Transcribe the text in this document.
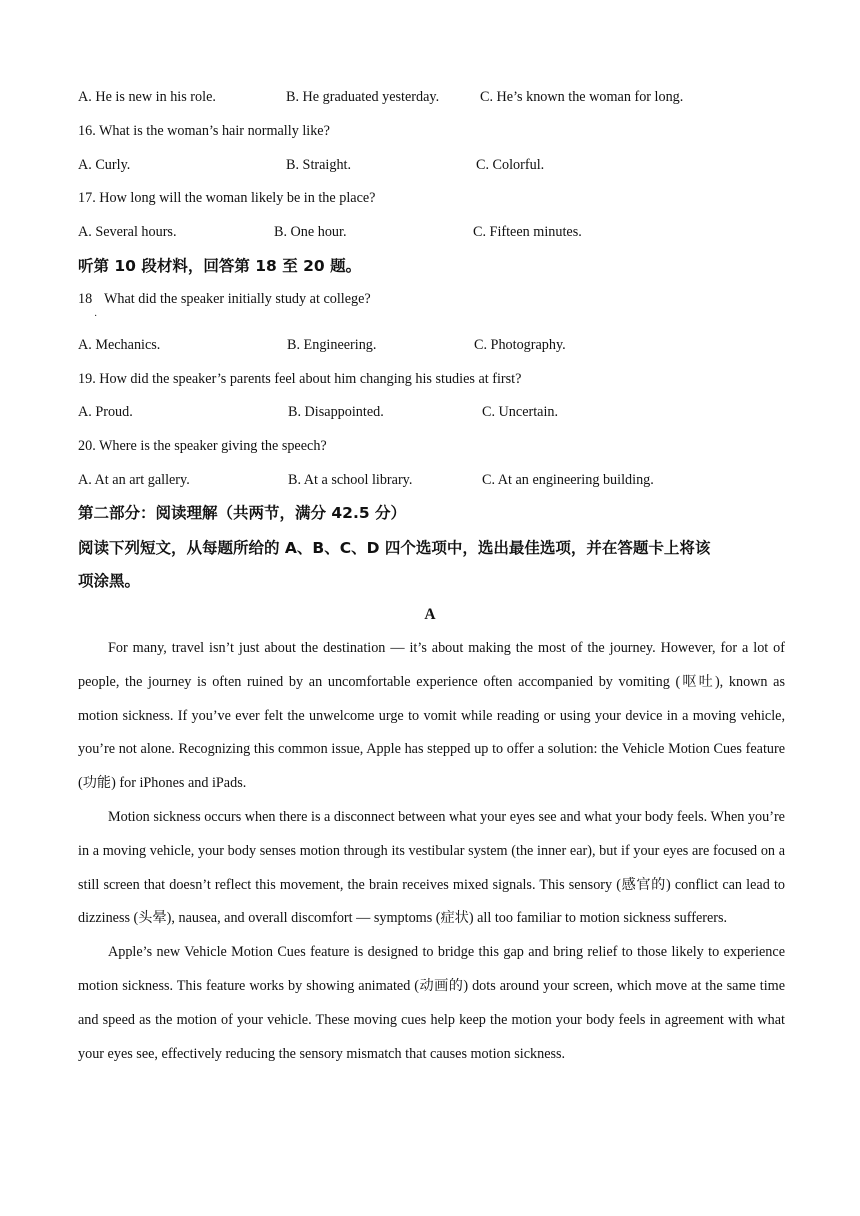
A. He is new in his role.	B. He graduated yesterday.	C. He’s known the woman for long.
16. What is the woman’s hair normally like?
A. Curly.	B. Straight.	C. Colorful.
17. How long will the woman likely be in the place?
A. Several hours.	B. One hour.	C. Fifteen minutes.
听第 10 段材料，回答第 18 至 20 题。
18
·
What did the speaker initially study at college?
A. Mechanics.	B. Engineering.	C. Photography.
19. How did the speaker’s parents feel about him changing his studies at first?
A. Proud.	B. Disappointed.	C. Uncertain.
20. Where is the speaker giving the speech?
A. At an art gallery.	B. At a school library.	C. At an engineering building.
第二部分：阅读理解（共两节，满分 42.5 分）
阅读下列短文，从每题所给的 A、B、C、D 四个选项中，选出最佳选项，并在答题卡上将该
项涂黑。
A

For many, travel isn’t just about the destination — it’s about making the most of the journey. However, for a lot of people, the journey is often ruined by an uncomfortable experience often accompanied by vomiting (呕吐), known as motion sickness. If you’ve ever felt the unwelcome urge to vomit while reading or using your device in a moving vehicle, you’re not alone. Recognizing this common issue, Apple has stepped up to offer a solution: the Vehicle Motion Cues feature (功能) for iPhones and iPads.

Motion sickness occurs when there is a disconnect between what your eyes see and what your body feels. When you’re in a moving vehicle, your body senses motion through its vestibular system (the inner ear), but if your eyes are focused on a still screen that doesn’t reflect this movement, the brain receives mixed signals. This sensory (感官的) conflict can lead to dizziness (头晕), nausea, and overall discomfort — symptoms (症状) all too familiar to motion sickness sufferers.

Apple’s new Vehicle Motion Cues feature is designed to bridge this gap and bring relief to those likely to experience motion sickness. This feature works by showing animated (动画的) dots around your screen, which move at the same time and speed as the motion of your vehicle. These moving cues help keep the motion your body feels in agreement with what your eyes see, effectively reducing the sensory mismatch that causes motion sickness.
